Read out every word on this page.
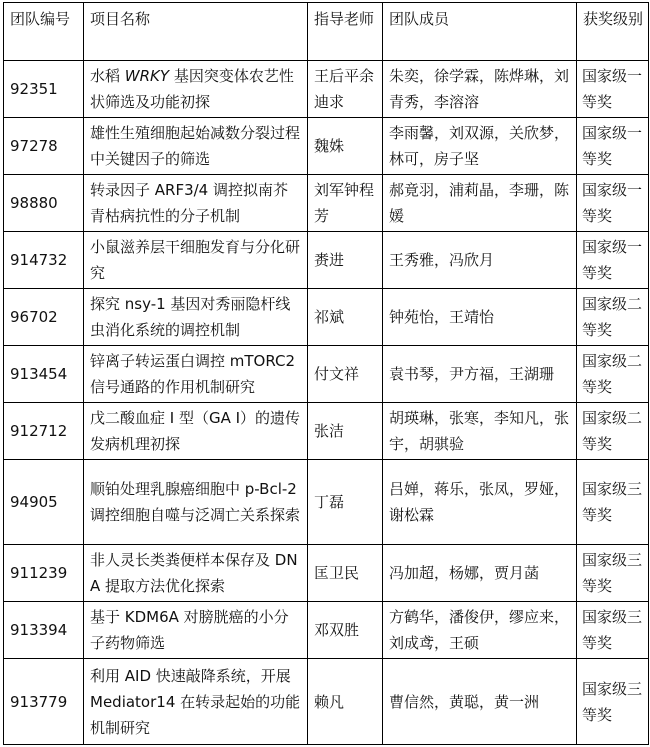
团队编号	项目名称	指导老师	团队成员	获奖级别
92351	水稻 WRKY 基因突变体农艺性状筛选及功能初探	王后平余迪求	朱奕，徐学霖，陈烨琳，刘青秀，李溶溶	国家级一等奖
97278	雄性生殖细胞起始减数分裂过程中关键因子的筛选	魏姝	李雨馨，刘双源，关欣梦，林可，房子坚	国家级一等奖
98880	转录因子 ARF3/4 调控拟南芥青枯病抗性的分子机制	刘军钟程芳	郝竟羽，浦莉晶，李珊，陈媛	国家级一等奖
914732	小鼠滋养层干细胞发育与分化研究	赉进	王秀雅，冯欣月	国家级一等奖
96702	探究 nsy-1 基因对秀丽隐杆线虫消化系统的调控机制	祁斌	钟苑怡，王靖怡	国家级二等奖
913454	锌离子转运蛋白调控 mTORC2 信号通路的作用机制研究	付文祥	袁书琴，尹方福，王湖珊	国家级二等奖
912712	戊二酸血症 I 型（GA I）的遗传发病机理初探	张洁	胡瑛琳，张寒，李知凡，张宇，胡骐验	国家级二等奖
94905	顺铂处理乳腺癌细胞中 p-Bcl-2 调控细胞自噬与泛凋亡关系探索	丁磊	吕婵，蒋乐，张凤，罗娅，谢松霖	国家级三等奖
911239	非人灵长类粪便样本保存及 DNA 提取方法优化探索	匡卫民	冯加超，杨娜，贾月菡	国家级三等奖
913394	基于 KDM6A 对膀胱癌的小分子药物筛选	邓双胜	方鹤华，潘俊伊，缪应来，刘成鸢，王硕	国家级三等奖
913779	利用 AID 快速敲降系统，开展 Mediator14 在转录起始的功能机制研究	赖凡	曹信然，黄聪，黄一洲	国家级三等奖
